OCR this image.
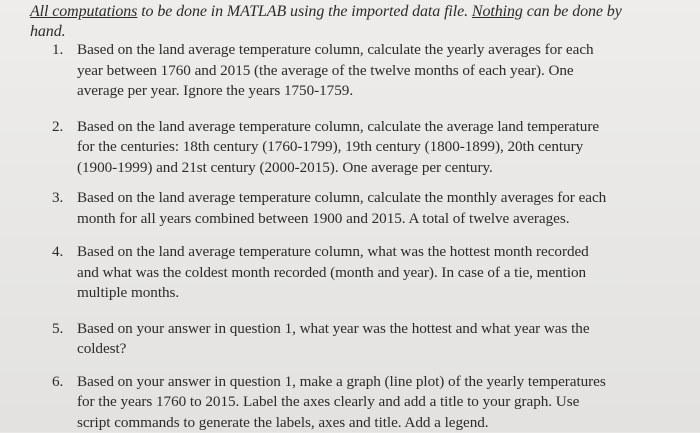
All computations to be done in MATLAB using the imported data file. Nothing can be done by hand.
1. Based on the land average temperature column, calculate the yearly averages for each year between 1760 and 2015 (the average of the twelve months of each year). One average per year. Ignore the years 1750-1759.
2. Based on the land average temperature column, calculate the average land temperature for the centuries: 18th century (1760-1799), 19th century (1800-1899), 20th century (1900-1999) and 21st century (2000-2015). One average per century.
3. Based on the land average temperature column, calculate the monthly averages for each month for all years combined between 1900 and 2015. A total of twelve averages.
4. Based on the land average temperature column, what was the hottest month recorded and what was the coldest month recorded (month and year). In case of a tie, mention multiple months.
5. Based on your answer in question 1, what year was the hottest and what year was the coldest?
6. Based on your answer in question 1, make a graph (line plot) of the yearly temperatures for the years 1760 to 2015. Label the axes clearly and add a title to your graph. Use script commands to generate the labels, axes and title. Add a legend.
